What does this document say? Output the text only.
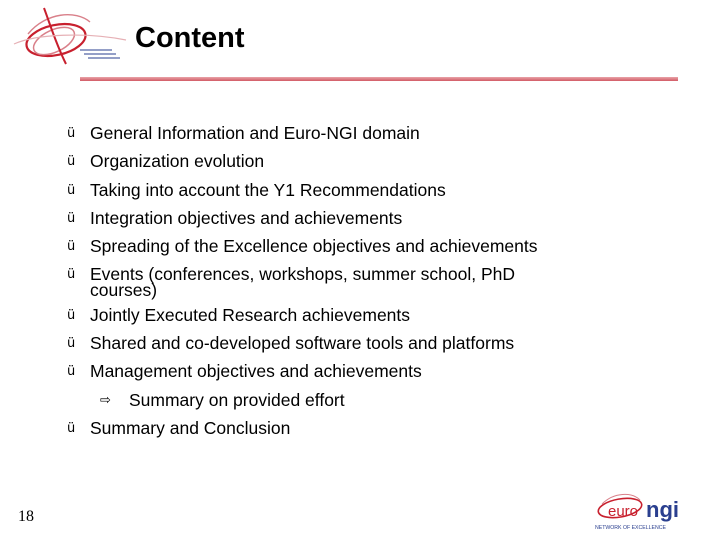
Content
ü General Information and Euro-NGI domain
ü Organization evolution
ü Taking into account the Y1 Recommendations
ü Integration objectives and achievements
ü Spreading of the Excellence objectives and achievements
ü Events (conferences, workshops, summer school, PhD
courses)
ü Jointly Executed Research achievements
ü Shared and co-developed software tools and platforms
ü Management objectives and achievements
⇨ Summary on provided effort
ü Summary and Conclusion
18	euro ngi
NETWORK OF EXCELLENCE
